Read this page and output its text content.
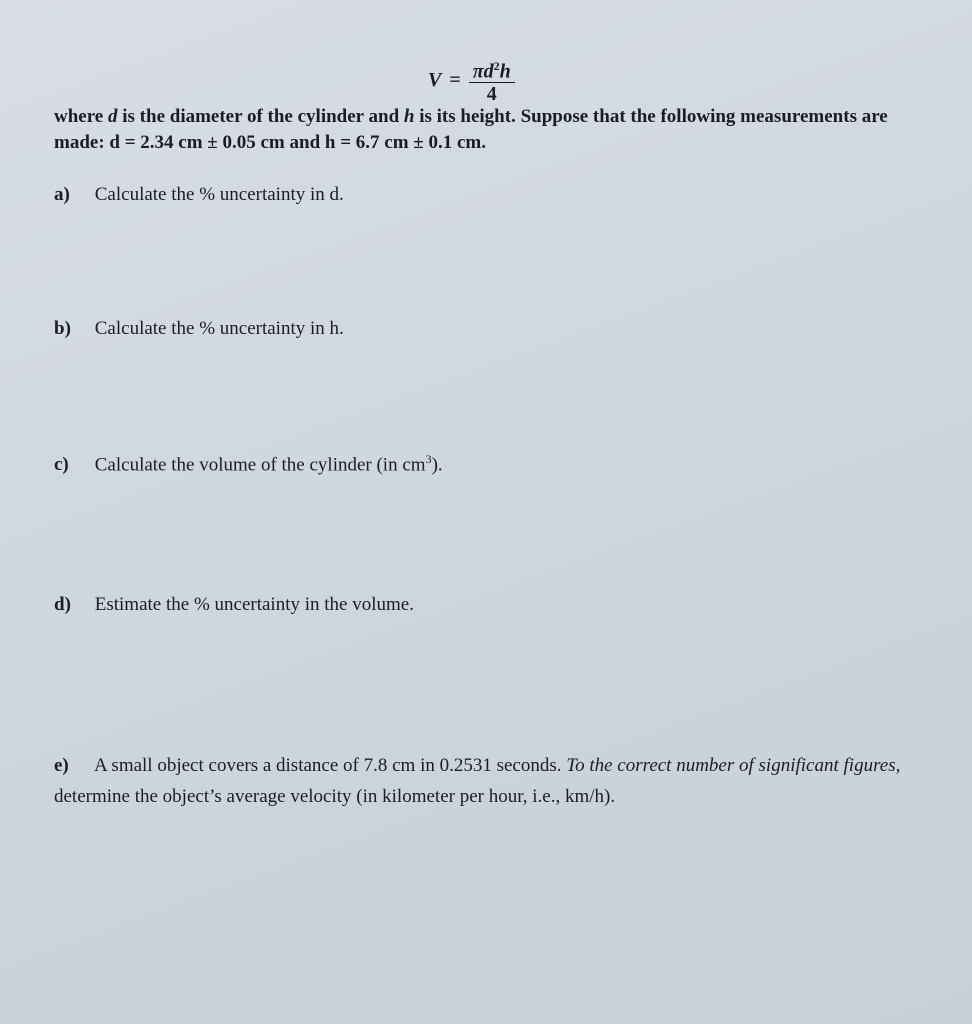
$V = \frac{\pi d^2h}{4}$
where d is the diameter of the cylinder and h is its height. Suppose that the following measurements are made: d = 2.34 cm ± 0.05 cm and h = 6.7 cm ± 0.1 cm.
a) Calculate the % uncertainty in d.
b) Calculate the % uncertainty in h.
c) Calculate the volume of the cylinder (in $cm^3$).
d) Estimate the % uncertainty in the volume.
e) A small object covers a distance of 7.8 cm in 0.2531 seconds. To the correct number of significant figures, determine the object’s average velocity (in kilometer per hour, i.e., km/h).
